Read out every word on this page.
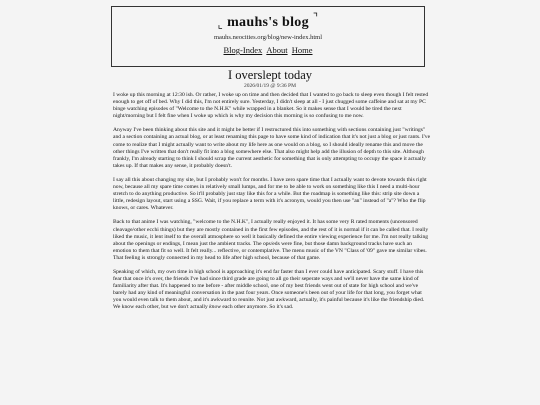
⌞ mauhs's blog ⌝
mauhs.neocities.org/blog/new-index.html
Blog-Index About Home
I overslept today
2026/01/19 @ 9:36 PM

I woke up this morning at 12:30 ish. Or rather, I woke up on time and then decided that I wanted to go back to sleep even though I felt rested enough to get off of bed. Why I did this, I'm not entirely sure. Yesterday, I didn't sleep at all - I just chugged some caffeine and sat at my PC binge watching episodes of "Welcome to the N.H.K" while wrapped in a blanket. So it makes sense that I would be tired the next night/morning but I felt fine when I woke up which is why my decision this morning is so confusing to me now.

Anyway I've been thinking about this site and it might be better if I restructured this into something with sections containing just "writings" and a section containing an actual blog, or at least renaming this page to have some kind of indication that it's not just a blog or just rants. I've come to realize that I might actually want to write about my life here as one would on a blog, so I should ideally rename this and move the other things I've written that don't really fit into a blog somewhere else. That also might help add the illusion of depth to this site. Although frankly, I'm already starting to think I should scrap the current aesthetic for something that is only attempting to occupy the space it actually takes up. If that makes any sense, it probably doesn't.

I say all this about changing my site, but I probably won't for months. I have zero spare time that I actually want to devote towards this right now, because all my spare time comes in relatively small lumps, and for me to be able to work on something like this I need a multi-hour stretch to do anything productive. So it'll probably just stay like this for a while. But the roadmap is something like this: strip site down a little, redesign layout, start using a SSG. Wait, if you replace a term with it's acronym, would you then use "an" instead of "a"? Who the flip knows, or cares. Whatever.

Back to that anime I was watching, "welcome to the N.H.K", I actually really enjoyed it. It has some very R rated moments (uncensored cleavage/other ecchi things) but they are mostly contained in the first few episodes, and the rest of it is normal if it can be called that. I really liked the music, it lent itself to the overall atmosphere so well it basically defined the entire viewing experience for me. I'm not really talking about the openings or endings, I mean just the ambient tracks. The ops/eds were fine, but those damn background tracks have such an emotion to them that fit so well. It felt really... reflective, or contemplative. The menu music of the VN "Class of '09" gave me similar vibes. That feeling is strongly connected in my head to life after high school, because of that game.

Speaking of which, my own time in high school is approaching it's end far faster than I ever could have anticipated. Scary stuff. I have this fear that once it's over, the friends I've had since third grade are going to all go their seperate ways and we'll never have the same kind of familiarity after that. It's happened to me before - after middle school, one of my best friends went out of state for high school and we've barely had any kind of meaningful conversation in the past four years. Once someone's been out of your life for that long, you forget what you would even talk to them about, and it's awkward to reunite. Not just awkward, actually, it's painful because it's like the friendship died. We know each other, but we don't actually know each other anymore. So it's sad.
